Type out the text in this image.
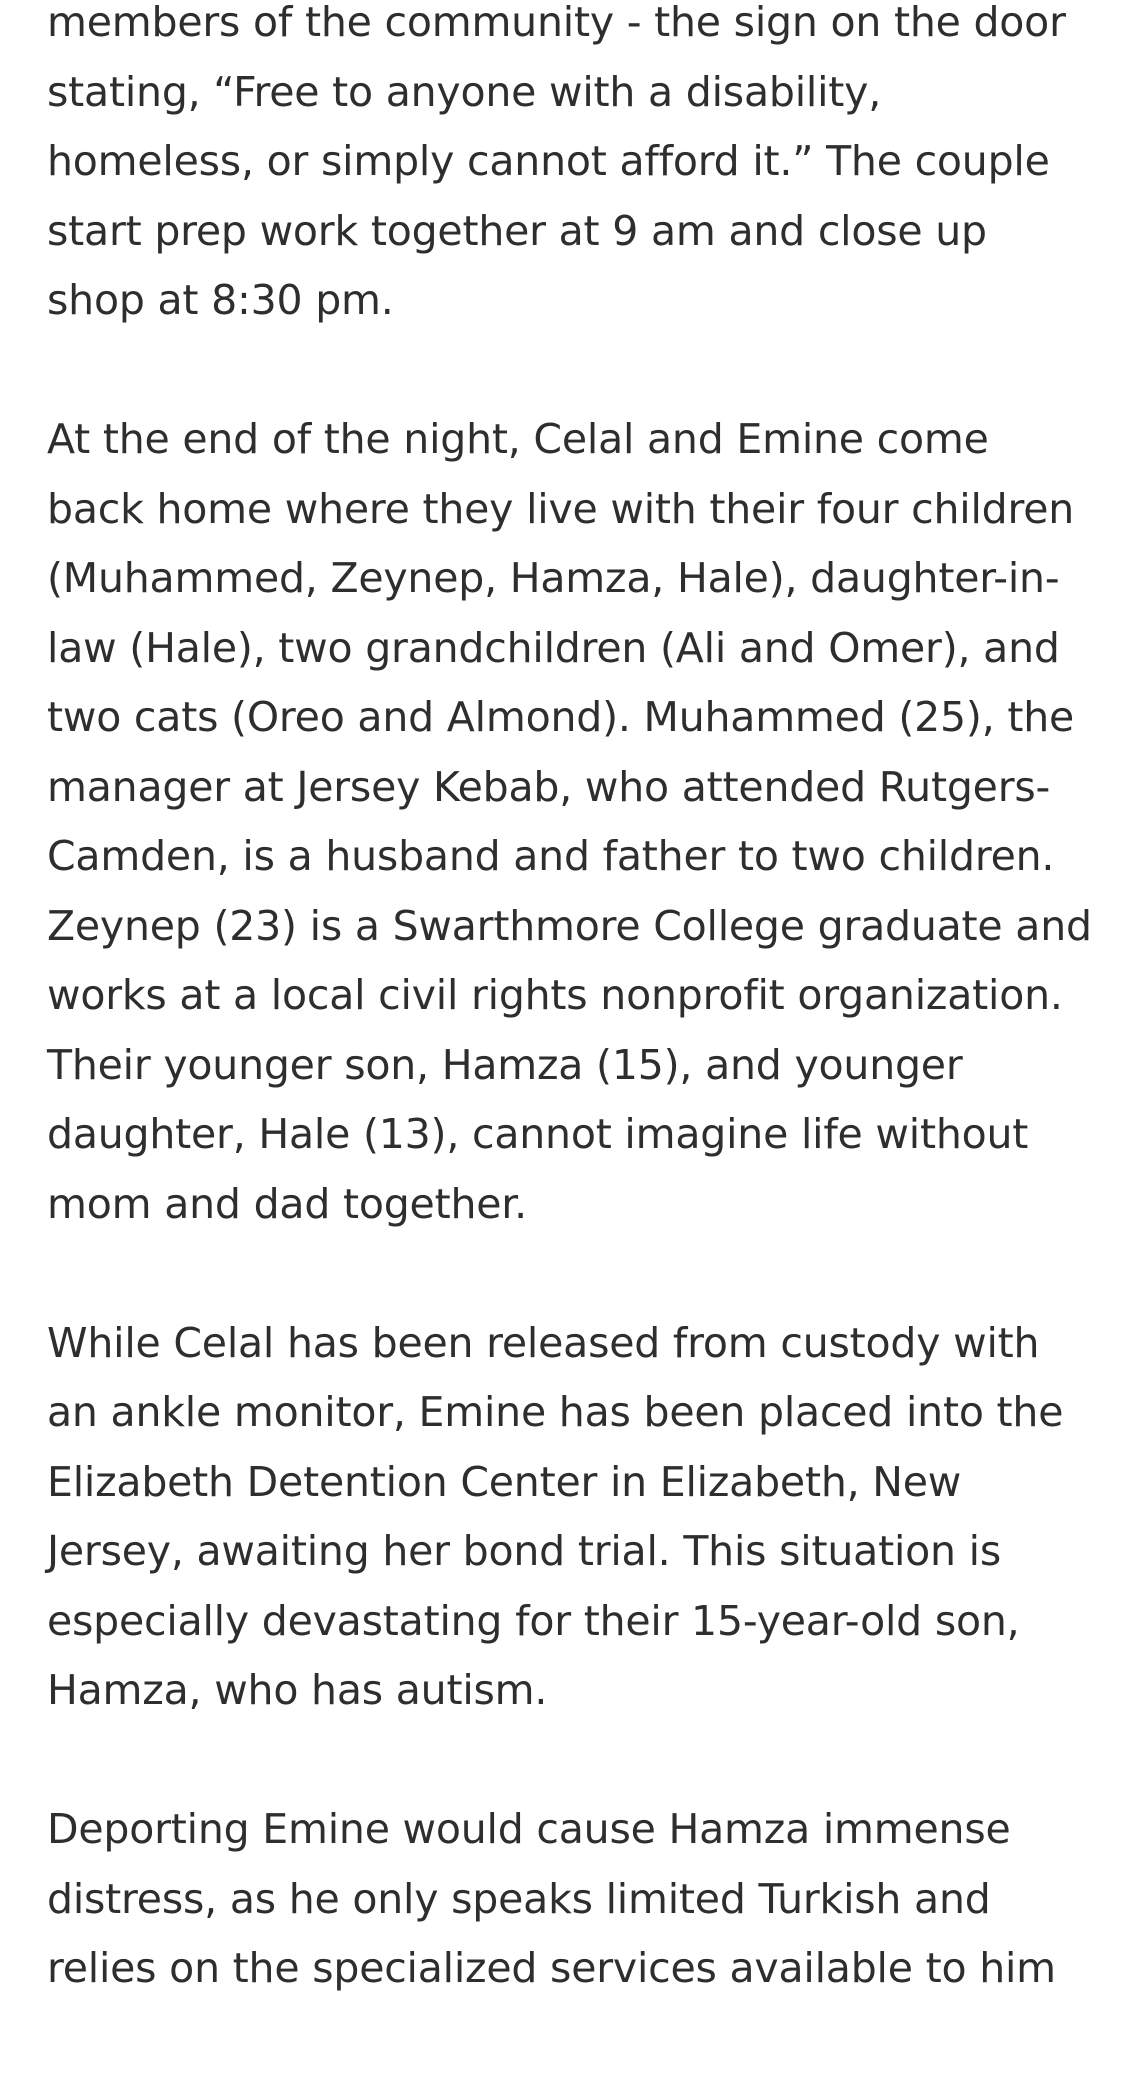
members of the community - the sign on the door stating, “Free to anyone with a disability, homeless, or simply cannot afford it.” The couple start prep work together at 9 am and close up shop at 8:30 pm.

At the end of the night, Celal and Emine come back home where they live with their four children (Muhammed, Zeynep, Hamza, Hale), daughter-in-law (Hale), two grandchildren (Ali and Omer), and two cats (Oreo and Almond). Muhammed (25), the manager at Jersey Kebab, who attended Rutgers-Camden, is a husband and father to two children. Zeynep (23) is a Swarthmore College graduate and works at a local civil rights nonprofit organization. Their younger son, Hamza (15), and younger daughter, Hale (13), cannot imagine life without mom and dad together.

While Celal has been released from custody with an ankle monitor, Emine has been placed into the Elizabeth Detention Center in Elizabeth, New Jersey, awaiting her bond trial. This situation is especially devastating for their 15-year-old son, Hamza, who has autism.

Deporting Emine would cause Hamza immense distress, as he only speaks limited Turkish and relies on the specialized services available to him
